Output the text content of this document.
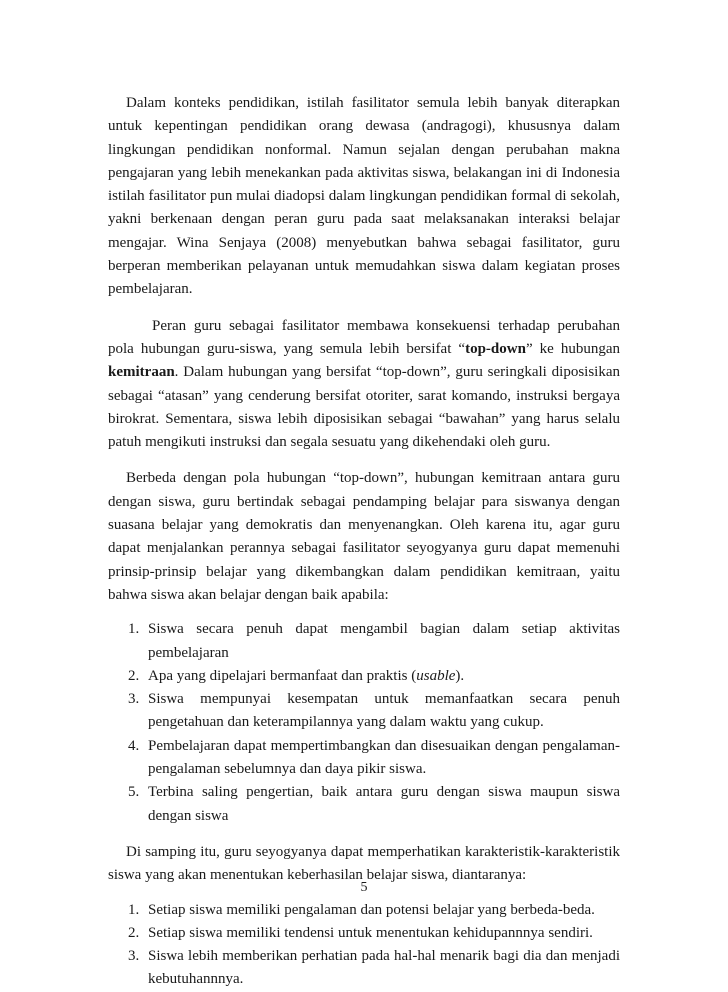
Dalam konteks pendidikan, istilah fasilitator semula lebih banyak diterapkan untuk kepentingan pendidikan orang dewasa (andragogi), khususnya dalam lingkungan pendidikan nonformal. Namun sejalan dengan perubahan makna pengajaran yang lebih menekankan pada aktivitas siswa, belakangan ini di Indonesia istilah fasilitator pun mulai diadopsi dalam lingkungan pendidikan formal di sekolah, yakni berkenaan dengan peran guru pada saat melaksanakan interaksi belajar mengajar. Wina Senjaya (2008) menyebutkan bahwa sebagai fasilitator, guru berperan memberikan pelayanan untuk memudahkan siswa dalam kegiatan proses pembelajaran.

Peran guru sebagai fasilitator membawa konsekuensi terhadap perubahan pola hubungan guru-siswa, yang semula lebih bersifat “top-down” ke hubungan kemitraan. Dalam hubungan yang bersifat “top-down”, guru seringkali diposisikan sebagai “atasan” yang cenderung bersifat otoriter, sarat komando, instruksi bergaya birokrat. Sementara, siswa lebih diposisikan sebagai “bawahan” yang harus selalu patuh mengikuti instruksi dan segala sesuatu yang dikehendaki oleh guru.

Berbeda dengan pola hubungan “top-down”, hubungan kemitraan antara guru dengan siswa, guru bertindak sebagai pendamping belajar para siswanya dengan suasana belajar yang demokratis dan menyenangkan. Oleh karena itu, agar guru dapat menjalankan perannya sebagai fasilitator seyogyanya guru dapat memenuhi prinsip-prinsip belajar yang dikembangkan dalam pendidikan kemitraan, yaitu bahwa siswa akan belajar dengan baik apabila:

1. Siswa secara penuh dapat mengambil bagian dalam setiap aktivitas pembelajaran
2. Apa yang dipelajari bermanfaat dan praktis (usable).
3. Siswa mempunyai kesempatan untuk memanfaatkan secara penuh pengetahuan dan keterampilannya yang dalam waktu yang cukup.
4. Pembelajaran dapat mempertimbangkan dan disesuaikan dengan pengalaman-pengalaman sebelumnya dan daya pikir siswa.
5. Terbina saling pengertian, baik antara guru dengan siswa maupun siswa dengan siswa

Di samping itu, guru seyogyanya dapat memperhatikan karakteristik-karakteristik siswa yang akan menentukan keberhasilan belajar siswa, diantaranya:

1. Setiap siswa memiliki pengalaman dan potensi belajar yang berbeda-beda.
2. Setiap siswa memiliki tendensi untuk menentukan kehidupannnya sendiri.
3. Siswa lebih memberikan perhatian pada hal-hal menarik bagi dia dan menjadi kebutuhannnya.
5
